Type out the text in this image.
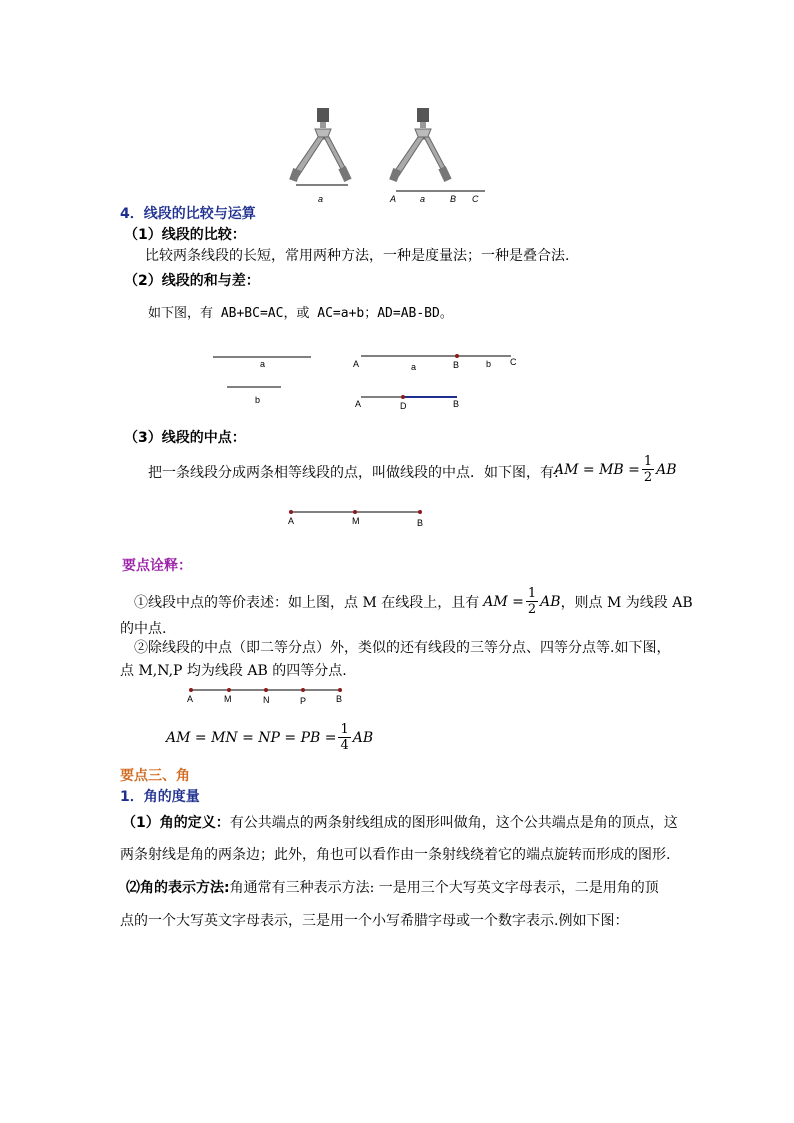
a	A	a	B C
4．线段的比较与运算
（1）线段的比较：
比较两条线段的长短，常用两种方法，一种是度量法；一种是叠合法.
（2）线段的和与差：
如下图，有 AB+BC=AC，或 AC=a+b；AD=AB-BD。
a
b
A	a	B	b C
A	D	B
（3）线段的中点：
把一条线段分成两条相等线段的点，叫做线段的中点．如下图，有:
AM = MB = $\frac{1}{2}$ AB
A	M	B
要点诠释：
①线段中点的等价表述：如上图，点 M 在线段上，且有 AM = $\frac{1}{2}$ AB ，则点 M 为线段 AB
的中点.
②除线段的中点（即二等分点）外，类似的还有线段的三等分点、四等分点等.如下图，
点 M,N,P 均为线段 AB 的四等分点.
A	M	N	P	B
AM = MN = NP = PB = $\frac{1}{4}$ AB
要点三、角
1．角的度量
（1）角的定义：有公共端点的两条射线组成的图形叫做角，这个公共端点是角的顶点，这
两条射线是角的两条边；此外，角也可以看作由一条射线绕着它的端点旋转而形成的图形.
⑵角的表示方法:角通常有三种表示方法: 一是用三个大写英文字母表示，二是用角的顶
点的一个大写英文字母表示，三是用一个小写希腊字母或一个数字表示.例如下图：
